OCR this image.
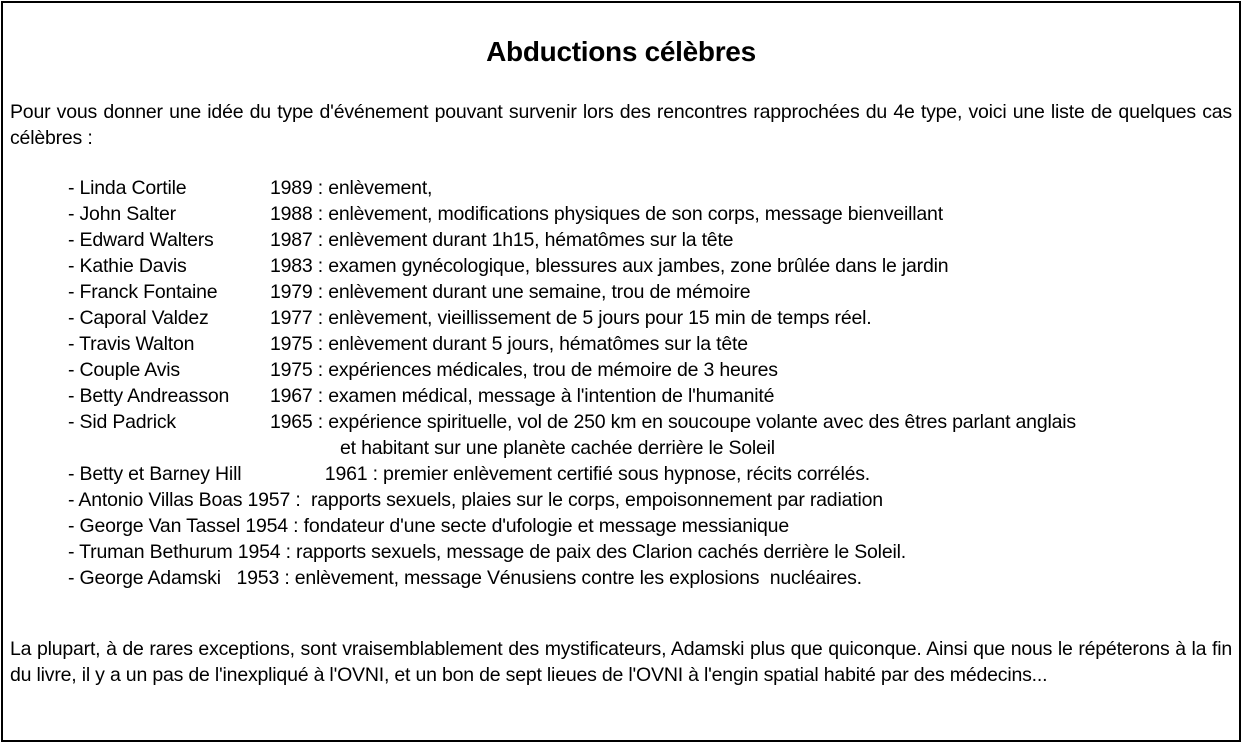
Abductions célèbres
Pour vous donner une idée du type d'événement pouvant survenir lors des rencontres rapprochées du 4e type, voici une liste de quelques cas célèbres :
- Linda Cortile	1989 : enlèvement,
- John Salter	1988 : enlèvement, modifications physiques de son corps, message bienveillant
- Edward Walters	1987 : enlèvement durant 1h15, hématômes sur la tête
- Kathie Davis	1983 : examen gynécologique, blessures aux jambes, zone brûlée dans le jardin
- Franck Fontaine	1979 : enlèvement durant une semaine, trou de mémoire
- Caporal Valdez	1977 : enlèvement, vieillissement de 5 jours pour 15 min de temps réel.
- Travis Walton	1975 : enlèvement durant 5 jours, hématômes sur la tête
- Couple Avis	1975 : expériences médicales, trou de mémoire de 3 heures
- Betty Andreasson 1967 : examen médical, message à l'intention de l'humanité
- Sid Padrick	1965 : expérience spirituelle, vol de 250 km en soucoupe volante avec des êtres parlant anglais
et habitant sur une planète cachée derrière le Soleil
- Betty et Barney Hill                1961 : premier enlèvement certifié sous hypnose, récits corrélés.
- Antonio Villas Boas 1957 :  rapports sexuels, plaies sur le corps, empoisonnement par radiation
- George Van Tassel 1954 : fondateur d'une secte d'ufologie et message messianique
- Truman Bethurum 1954 : rapports sexuels, message de paix des Clarion cachés derrière le Soleil.
- George Adamski   1953 : enlèvement, message Vénusiens contre les explosions  nucléaires.
La plupart, à de rares exceptions, sont vraisemblablement des mystificateurs, Adamski plus que quiconque. Ainsi que nous le répéterons à la fin du livre, il y a un pas de l'inexpliqué à l'OVNI, et un bon de sept lieues de l'OVNI à l'engin spatial habité par des médecins...
